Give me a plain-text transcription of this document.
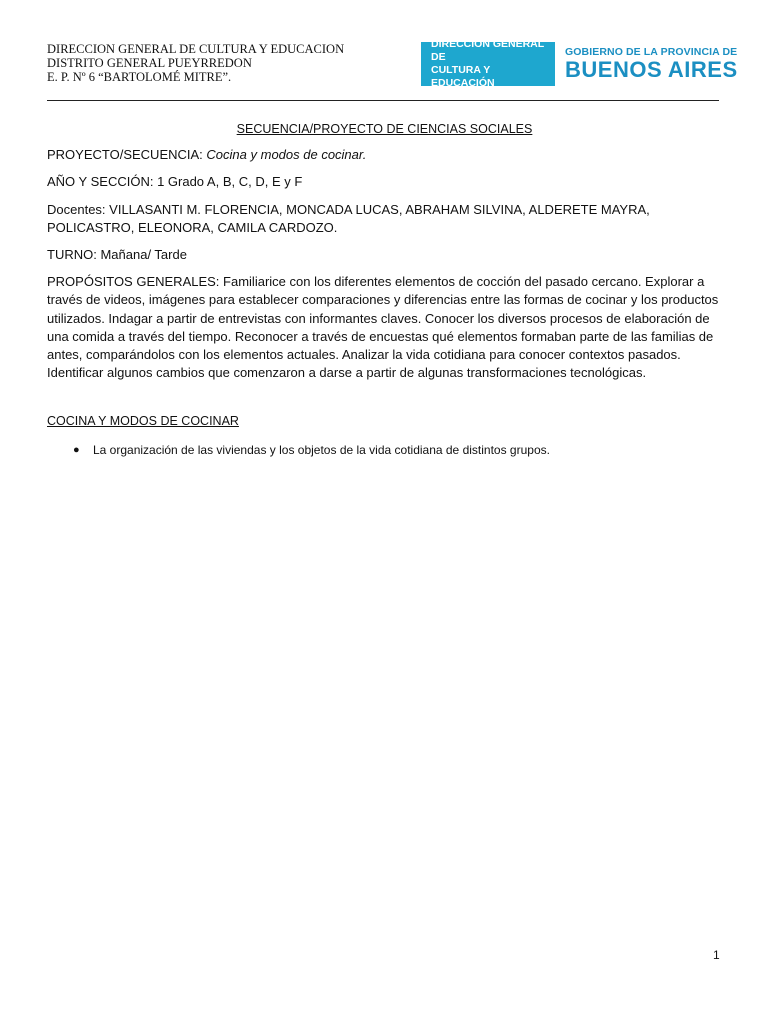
DIRECCION GENERAL DE CULTURA Y EDUCACION
DISTRITO GENERAL PUEYRREDON
E. P. Nº 6 “BARTOLOMÉ MITRE”.
DIRECCIÓN GENERAL DE
CULTURA Y EDUCACIÓN
GOBIERNO DE LA PROVINCIA DE
BUENOS AIRES
SECUENCIA/PROYECTO DE CIENCIAS SOCIALES
PROYECTO/SECUENCIA: Cocina y modos de cocinar.
AÑO Y SECCIÓN: 1 Grado A, B, C, D, E y F
Docentes: VILLASANTI M. FLORENCIA, MONCADA LUCAS, ABRAHAM SILVINA, ALDERETE MAYRA, POLICASTRO, ELEONORA, CAMILA CARDOZO.
TURNO: Mañana/ Tarde
PROPÓSITOS GENERALES: Familiarice con los diferentes elementos de cocción del pasado cercano. Explorar a través de videos, imágenes para establecer comparaciones y diferencias entre las formas de cocinar y los productos utilizados. Indagar a partir de entrevistas con informantes claves. Conocer los diversos procesos de elaboración de una comida a través del tiempo. Reconocer a través de encuestas qué elementos formaban parte de las familias de antes, comparándolos con los elementos actuales. Analizar la vida cotidiana para conocer contextos pasados. Identificar algunos cambios que comenzaron a darse a partir de algunas transformaciones tecnológicas.
COCINA Y MODOS DE COCINAR
● La organización de las viviendas y los objetos de la vida cotidiana de distintos grupos.
1
